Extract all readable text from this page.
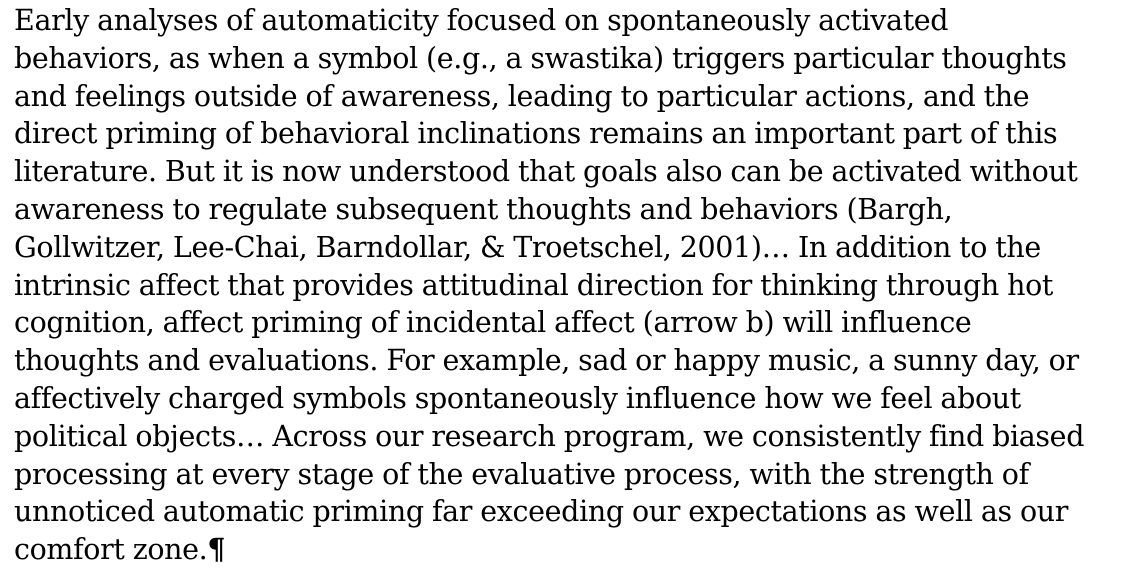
Early analyses of automaticity focused on spontaneously activated
behaviors, as when a symbol (e.g., a swastika) triggers particular thoughts
and feelings outside of awareness, leading to particular actions, and the
direct priming of behavioral inclinations remains an important part of this
literature. But it is now understood that goals also can be activated without
awareness to regulate subsequent thoughts and behaviors (Bargh,
Gollwitzer, Lee-Chai, Barndollar, & Troetschel, 2001)… In addition to the
intrinsic affect that provides attitudinal direction for thinking through hot
cognition, affect priming of incidental affect (arrow b) will influence
thoughts and evaluations. For example, sad or happy music, a sunny day, or
affectively charged symbols spontaneously influence how we feel about
political objects… Across our research program, we consistently find biased
processing at every stage of the evaluative process, with the strength of
unnoticed automatic priming far exceeding our expectations as well as our
comfort zone.¶
